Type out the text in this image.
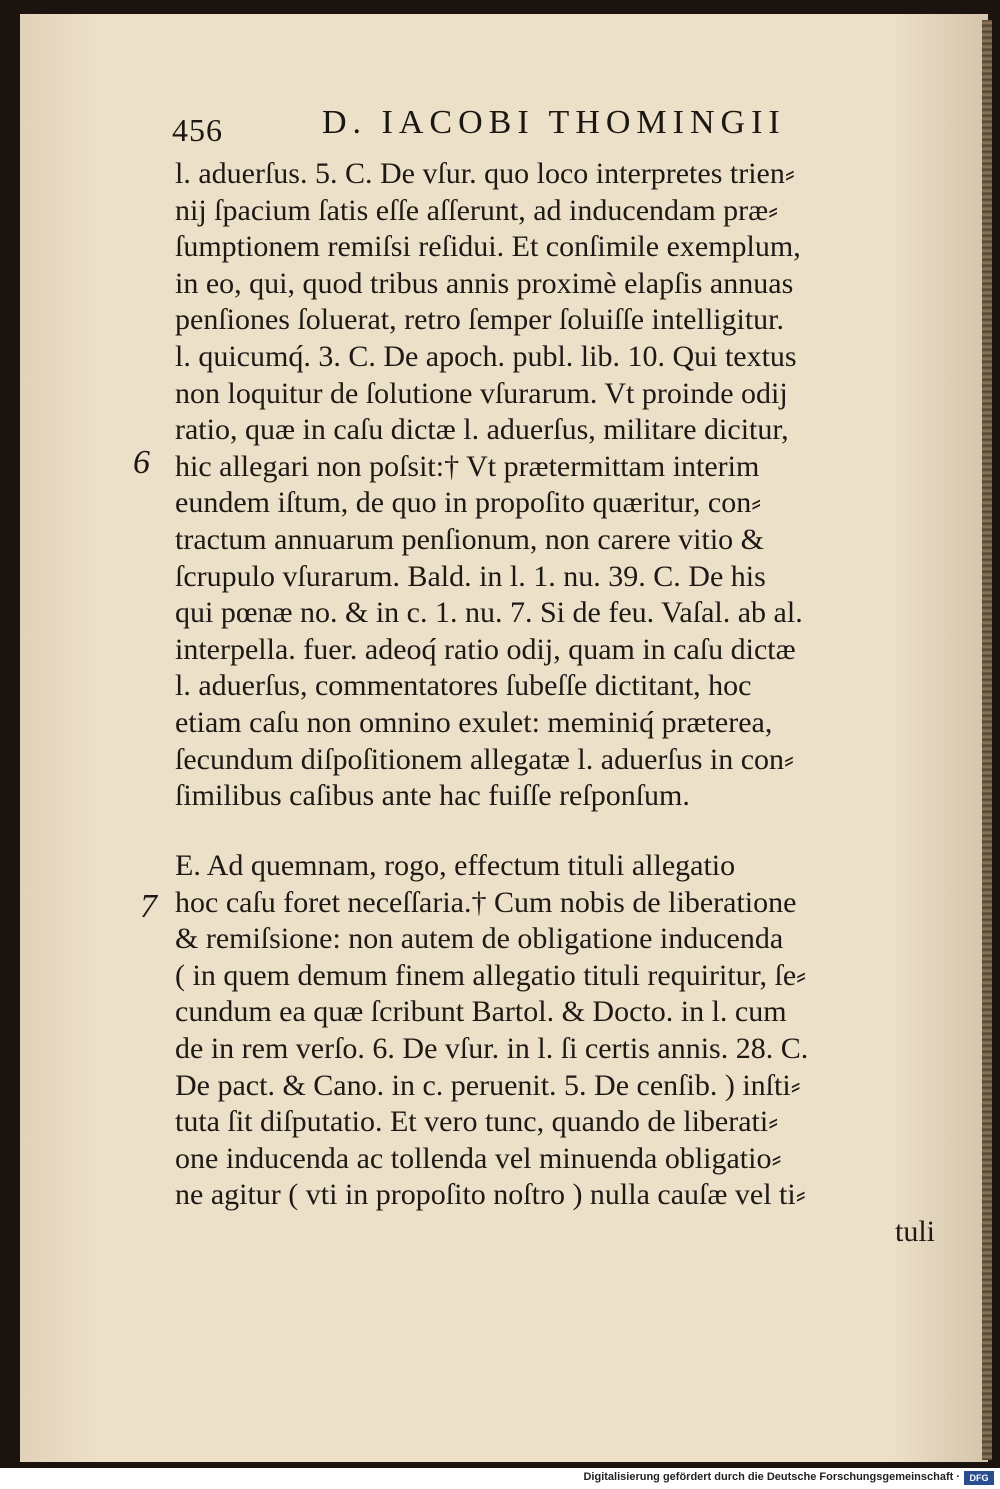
456	D. IACOBI THOMINGII
l. aduerſus. 5. C. De vſur. quo loco interpretes trien⸗
nij ſpacium ſatis eſſe aſſerunt, ad inducendam præ⸗
ſumptionem remiſsi reſidui. Et conſimile exemplum,
in eo, qui, quod tribus annis proximè elapſis annuas
penſiones ſoluerat, retro ſemper ſoluiſſe intelligitur.
l. quicumq́. 3. C. De apoch. publ. lib. 10. Qui textus
non loquitur de ſolutione vſurarum. Vt proinde odij
ratio, quæ in caſu dictæ l. aduerſus, militare dicitur,
hic allegari non poſsit:† Vt prætermittam interim
eundem iſtum, de quo in propoſito quæritur, con⸗
tractum annuarum penſionum, non carere vitio &
ſcrupulo vſurarum. Bald. in l. 1. nu. 39. C. De his
qui pœnæ no. & in c. 1. nu. 7. Si de feu. Vaſal. ab al.
interpella. fuer. adeoq́ ratio odij, quam in caſu dictæ
l. aduerſus, commentatores ſubeſſe dictitant, hoc
etiam caſu non omnino exulet: meminiq́ præterea,
ſecundum diſpoſitionem allegatæ l. aduerſus in con⸗
ſimilibus caſibus ante hac fuiſſe reſponſum.
E. Ad quemnam, rogo, effectum tituli allegatio
hoc caſu foret neceſſaria.† Cum nobis de liberatione
& remiſsione: non autem de obligatione inducenda
( in quem demum finem allegatio tituli requiritur, ſe⸗
cundum ea quæ ſcribunt Bartol. & Docto. in l. cum
de in rem verſo. 6. De vſur. in l. ſi certis annis. 28. C.
De pact. & Cano. in c. peruenit. 5. De cenſib. ) inſti⸗
tuta ſit diſputatio. Et vero tunc, quando de liberati⸗
one inducenda ac tollenda vel minuenda obligatio⸗
ne agitur ( vti in propoſito noſtro ) nulla cauſæ vel ti⸗
tuli
6
7
Digitalisierung gefördert durch die Deutsche Forschungsgemeinschaft ·	DFG
